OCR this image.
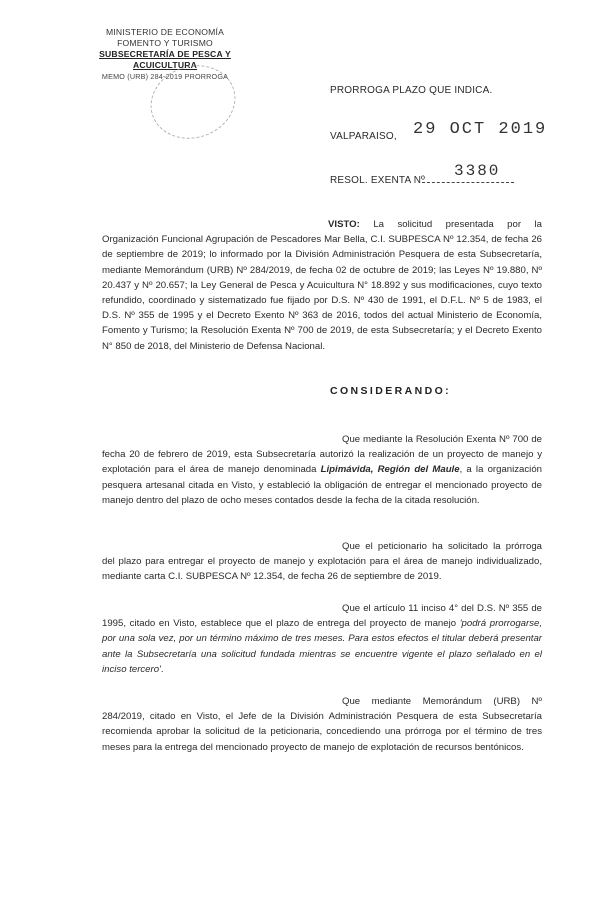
MINISTERIO DE ECONOMÍA
FOMENTO Y TURISMO
SUBSECRETARÍA DE PESCA Y ACUICULTURA
MEMO (URB) 284-2019 PRORROGA

PRORROGA PLAZO QUE INDICA.
VALPARAISO, 29 OCT 2019
RESOL. EXENTA Nº
3380
VISTO: La solicitud presentada por la Organización Funcional Agrupación de Pescadores Mar Bella, C.I. SUBPESCA Nº 12.354, de fecha 26 de septiembre de 2019; lo informado por la División Administración Pesquera de esta Subsecretaría, mediante Memorándum (URB) Nº 284/2019, de fecha 02 de octubre de 2019; las Leyes Nº 19.880, Nº 20.437 y Nº 20.657; la Ley General de Pesca y Acuicultura N° 18.892 y sus modificaciones, cuyo texto refundido, coordinado y sistematizado fue fijado por D.S. Nº 430 de 1991, el D.F.L. Nº 5 de 1983, el D.S. Nº 355 de 1995 y el Decreto Exento Nº 363 de 2016, todos del actual Ministerio de Economía, Fomento y Turismo; la Resolución Exenta Nº 700 de 2019, de esta Subsecretaría; y el Decreto Exento N° 850 de 2018, del Ministerio de Defensa Nacional.
CONSIDERANDO:
Que mediante la Resolución Exenta Nº 700 de fecha 20 de febrero de 2019, esta Subsecretaría autorizó la realización de un proyecto de manejo y explotación para el área de manejo denominada Lipimávida, Región del Maule, a la organización pesquera artesanal citada en Visto, y estableció la obligación de entregar el mencionado proyecto de manejo dentro del plazo de ocho meses contados desde la fecha de la citada resolución.
Que el peticionario ha solicitado la prórroga del plazo para entregar el proyecto de manejo y explotación para el área de manejo individualizado, mediante carta C.I. SUBPESCA Nº 12.354, de fecha 26 de septiembre de 2019.
Que el artículo 11 inciso 4° del D.S. Nº 355 de 1995, citado en Visto, establece que el plazo de entrega del proyecto de manejo 'podrá prorrogarse, por una sola vez, por un término máximo de tres meses. Para estos efectos el titular deberá presentar ante la Subsecretaría una solicitud fundada mientras se encuentre vigente el plazo señalado en el inciso tercero'.
Que mediante Memorándum (URB) Nº 284/2019, citado en Visto, el Jefe de la División Administración Pesquera de esta Subsecretaría recomienda aprobar la solicitud de la peticionaria, concediendo una prórroga por el término de tres meses para la entrega del mencionado proyecto de manejo de explotación de recursos bentónicos.
